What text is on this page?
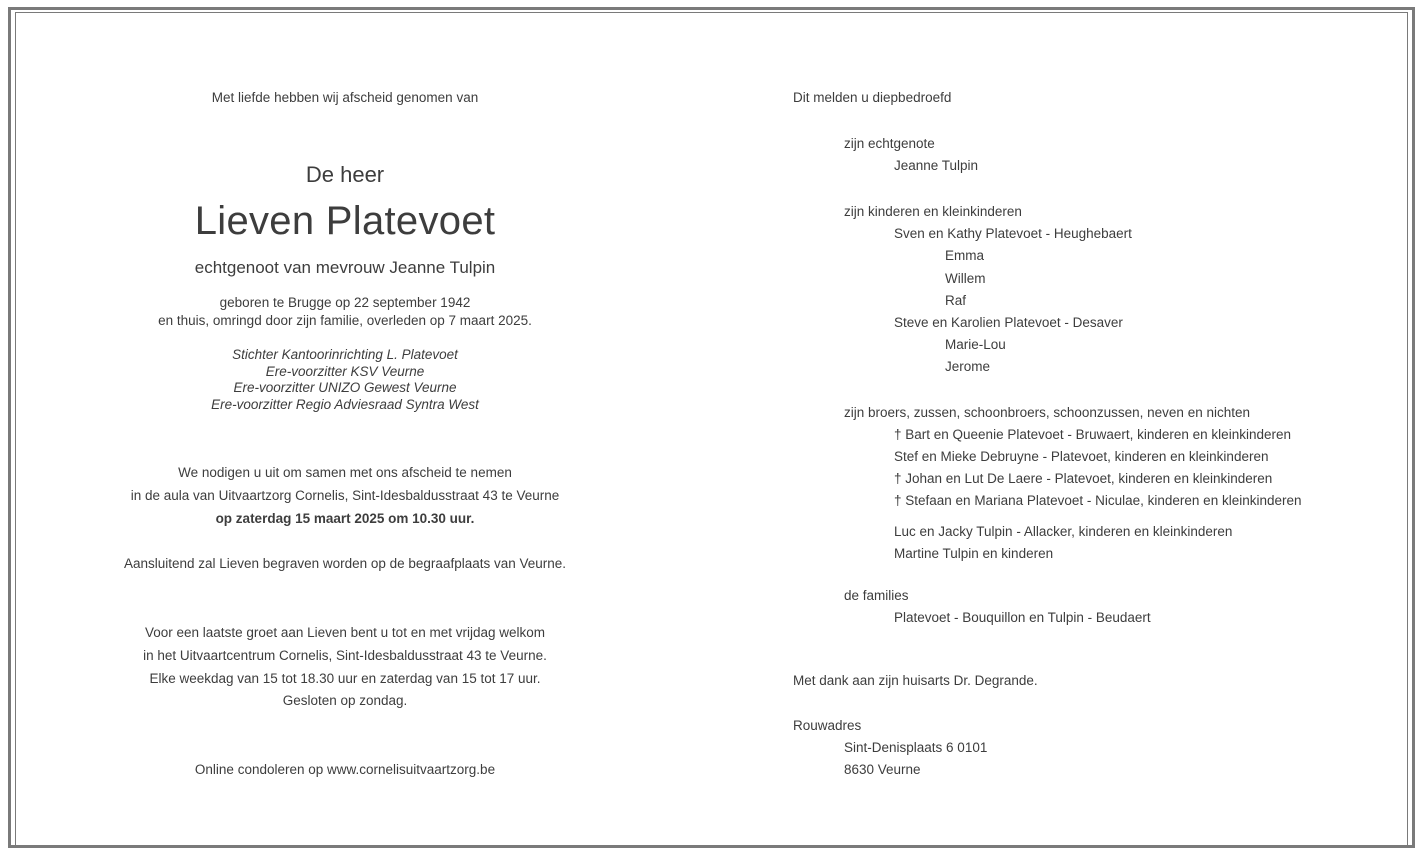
Met liefde hebben wij afscheid genomen van
De heer
Lieven Platevoet
echtgenoot van mevrouw Jeanne Tulpin
geboren te Brugge op 22 september 1942
en thuis, omringd door zijn familie, overleden op 7 maart 2025.
Stichter Kantoorinrichting L. Platevoet
Ere-voorzitter KSV Veurne
Ere-voorzitter UNIZO Gewest Veurne
Ere-voorzitter Regio Adviesraad Syntra West
We nodigen u uit om samen met ons afscheid te nemen
in de aula van Uitvaartzorg Cornelis, Sint-Idesbaldusstraat 43 te Veurne
op zaterdag 15 maart 2025 om 10.30 uur.
Aansluitend zal Lieven begraven worden op de begraafplaats van Veurne.
Voor een laatste groet aan Lieven bent u tot en met vrijdag welkom
in het Uitvaartcentrum Cornelis, Sint-Idesbaldusstraat 43 te Veurne.
Elke weekdag van 15 tot 18.30 uur en zaterdag van 15 tot 17 uur.
Gesloten op zondag.
Online condoleren op www.cornelisuitvaartzorg.be
Dit melden u diepbedroefd
zijn echtgenote
Jeanne Tulpin
zijn kinderen en kleinkinderen
Sven en Kathy Platevoet - Heughebaert
Emma
Willem
Raf
Steve en Karolien Platevoet - Desaver
Marie-Lou
Jerome
zijn broers, zussen, schoonbroers, schoonzussen, neven en nichten
† Bart en Queenie Platevoet - Bruwaert, kinderen en kleinkinderen
Stef en Mieke Debruyne - Platevoet, kinderen en kleinkinderen
† Johan en Lut De Laere - Platevoet, kinderen en kleinkinderen
† Stefaan en Mariana Platevoet - Niculae, kinderen en kleinkinderen
Luc en Jacky Tulpin - Allacker, kinderen en kleinkinderen
Martine Tulpin en kinderen
de families
Platevoet - Bouquillon en Tulpin - Beudaert
Met dank aan zijn huisarts Dr. Degrande.
Rouwadres
Sint-Denisplaats 6 0101
8630 Veurne
